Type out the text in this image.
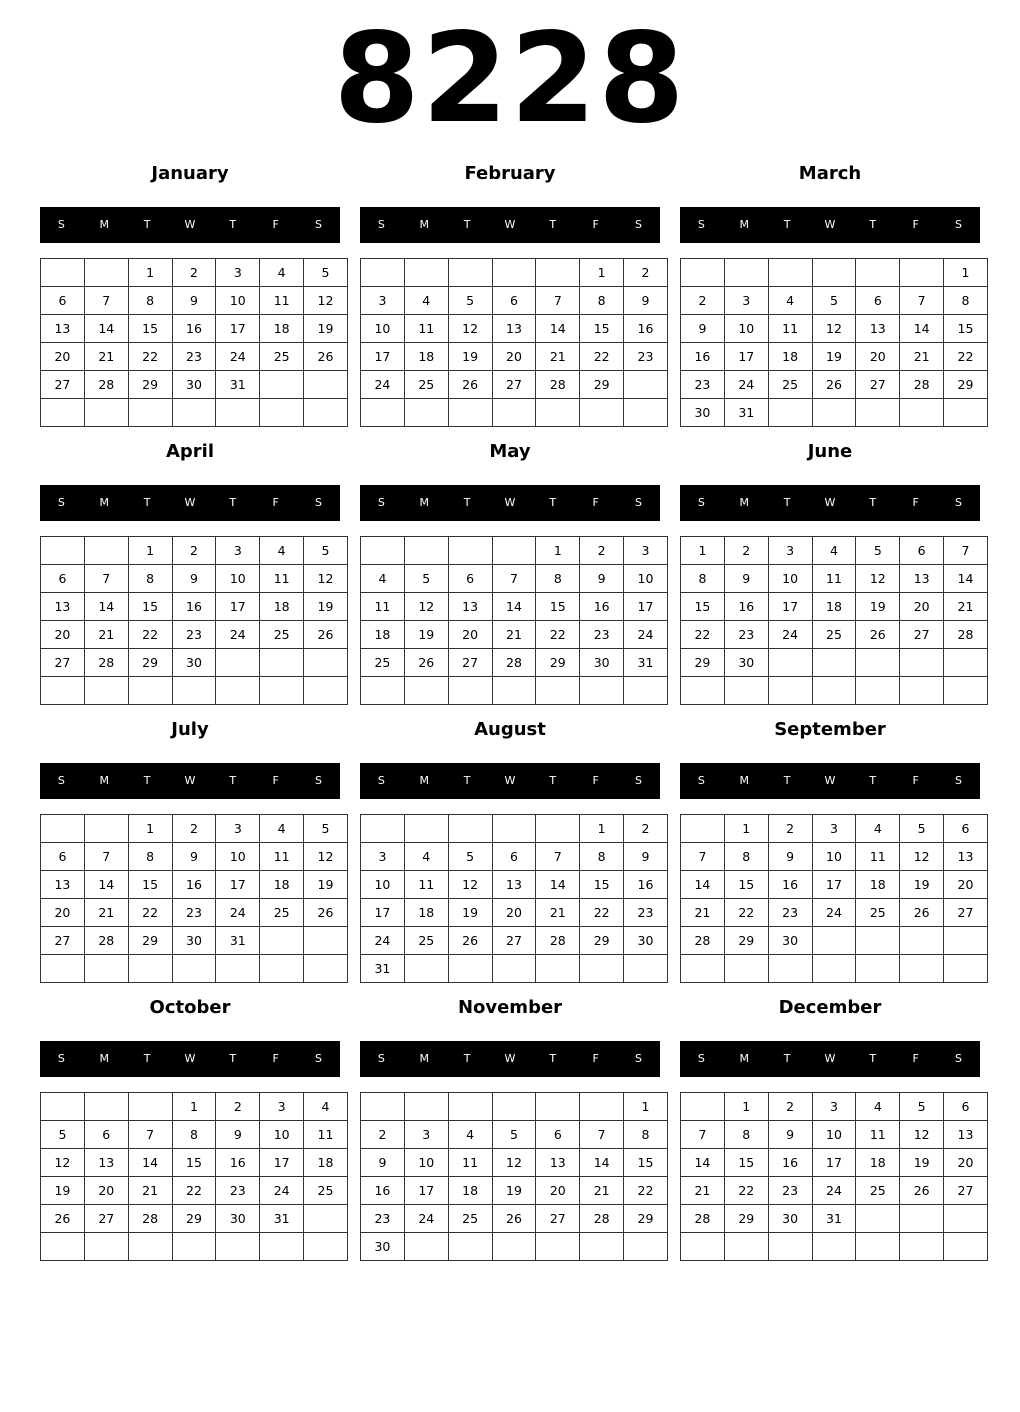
8228
January
S	M	T	W	T	F	S
		1	2	3	4	5
6	7	8	9	10	11	12
13	14	15	16	17	18	19
20	21	22	23	24	25	26
27	28	29	30	31		

February
S	M	T	W	T	F	S
					1	2
3	4	5	6	7	8	9
10	11	12	13	14	15	16
17	18	19	20	21	22	23
24	25	26	27	28	29	

March
S	M	T	W	T	F	S
						1
2	3	4	5	6	7	8
9	10	11	12	13	14	15
16	17	18	19	20	21	22
23	24	25	26	27	28	29
30	31					
April
S	M	T	W	T	F	S
		1	2	3	4	5
6	7	8	9	10	11	12
13	14	15	16	17	18	19
20	21	22	23	24	25	26
27	28	29	30			

May
S	M	T	W	T	F	S
				1	2	3
4	5	6	7	8	9	10
11	12	13	14	15	16	17
18	19	20	21	22	23	24
25	26	27	28	29	30	31

June
S	M	T	W	T	F	S
1	2	3	4	5	6	7
8	9	10	11	12	13	14
15	16	17	18	19	20	21
22	23	24	25	26	27	28
29	30					

July
S	M	T	W	T	F	S
		1	2	3	4	5
6	7	8	9	10	11	12
13	14	15	16	17	18	19
20	21	22	23	24	25	26
27	28	29	30	31		

August
S	M	T	W	T	F	S
					1	2
3	4	5	6	7	8	9
10	11	12	13	14	15	16
17	18	19	20	21	22	23
24	25	26	27	28	29	30
31						
September
S	M	T	W	T	F	S
	1	2	3	4	5	6
7	8	9	10	11	12	13
14	15	16	17	18	19	20
21	22	23	24	25	26	27
28	29	30				

October
S	M	T	W	T	F	S
			1	2	3	4
5	6	7	8	9	10	11
12	13	14	15	16	17	18
19	20	21	22	23	24	25
26	27	28	29	30	31	

November
S	M	T	W	T	F	S
						1
2	3	4	5	6	7	8
9	10	11	12	13	14	15
16	17	18	19	20	21	22
23	24	25	26	27	28	29
30						
December
S	M	T	W	T	F	S
	1	2	3	4	5	6
7	8	9	10	11	12	13
14	15	16	17	18	19	20
21	22	23	24	25	26	27
28	29	30	31			
